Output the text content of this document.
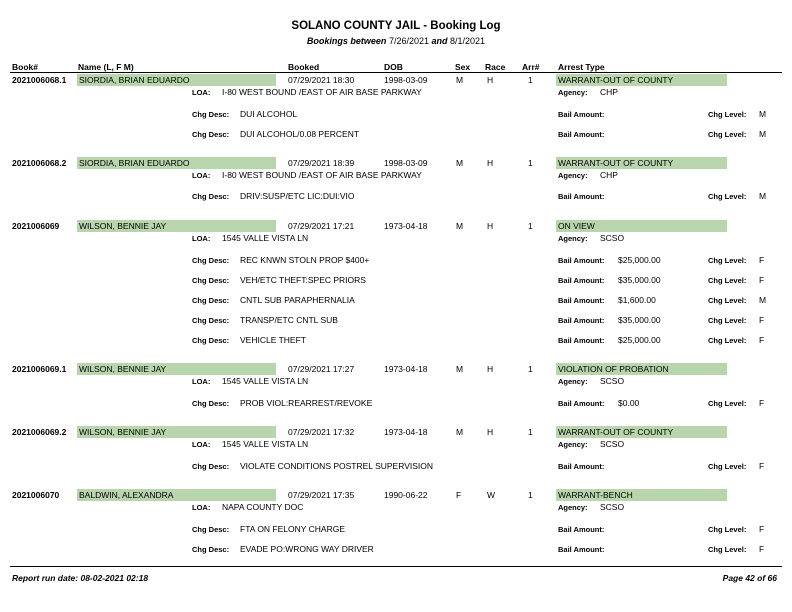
SOLANO COUNTY JAIL - Booking Log
Bookings between 7/26/2021 and 8/1/2021
Book#	Name (L, F M)	Booked	DOB	Sex Race Arr# Arrest Type
2021006068.1 SIORDIA, BRIAN EDUARDO	07/29/2021 18:30	1998-03-09	M	H	1	WARRANT-OUT OF COUNTY
LOA: I-80 WEST BOUND /EAST OF AIR BASE PARKWAY	Agency: CHP
Chg Desc: DUI ALCOHOL	Bail Amount:	Chg Level: M
Chg Desc: DUI ALCOHOL/0.08 PERCENT	Bail Amount:	Chg Level: M
2021006068.2 SIORDIA, BRIAN EDUARDO	07/29/2021 18:39	1998-03-09	M	H	1	WARRANT-OUT OF COUNTY
LOA: I-80 WEST BOUND /EAST OF AIR BASE PARKWAY	Agency: CHP
Chg Desc: DRIV:SUSP/ETC LIC:DUI:VIO	Bail Amount:	Chg Level: M
2021006069 WILSON, BENNIE JAY	07/29/2021 17:21	1973-04-18	M	H	1	ON VIEW
LOA: 1545 VALLE VISTA LN	Agency: SCSO
Chg Desc: REC KNWN STOLN PROP $400+	Bail Amount: $25,000.00	Chg Level: F
Chg Desc: VEH/ETC THEFT:SPEC PRIORS	Bail Amount: $35,000.00	Chg Level: F
Chg Desc: CNTL SUB PARAPHERNALIA	Bail Amount: $1,600.00	Chg Level: M
Chg Desc: TRANSP/ETC CNTL SUB	Bail Amount: $35,000.00	Chg Level: F
Chg Desc: VEHICLE THEFT	Bail Amount: $25,000.00	Chg Level: F
2021006069.1 WILSON, BENNIE JAY	07/29/2021 17:27	1973-04-18	M	H	1	VIOLATION OF PROBATION
LOA: 1545 VALLE VISTA LN	Agency: SCSO
Chg Desc: PROB VIOL:REARREST/REVOKE	Bail Amount: $0.00	Chg Level: F
2021006069.2 WILSON, BENNIE JAY	07/29/2021 17:32	1973-04-18	M	H	1	WARRANT-OUT OF COUNTY
LOA: 1545 VALLE VISTA LN	Agency: SCSO
Chg Desc: VIOLATE CONDITIONS POSTREL SUPERVISION	Bail Amount:	Chg Level: F
2021006070 BALDWIN, ALEXANDRA	07/29/2021 17:35	1990-06-22	F	W	1	WARRANT-BENCH
LOA: NAPA COUNTY DOC	Agency: SCSO
Chg Desc: FTA ON FELONY CHARGE	Bail Amount:	Chg Level: F
Chg Desc: EVADE PO:WRONG WAY DRIVER	Bail Amount:	Chg Level: F
Report run date: 08-02-2021 02:18	Page 42 of 66
